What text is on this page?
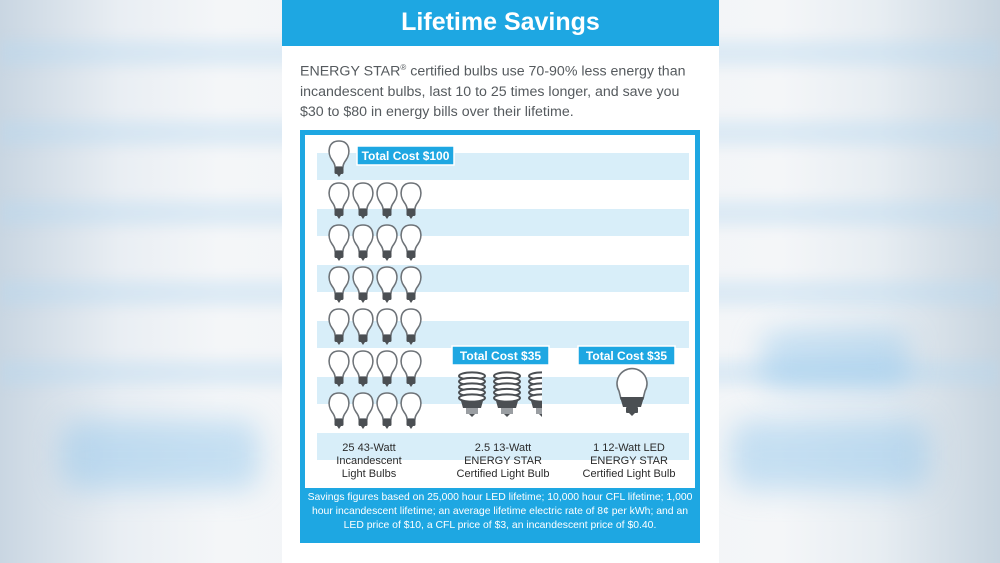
Lifetime Savings
ENERGY STAR® certified bulbs use 70-90% less energy than incandescent bulbs, last 10 to 25 times longer, and save you $30 to $80 in energy bills over their lifetime.
Total Cost $100
25 43-Watt
Incandescent
Light Bulbs
Total Cost $35
2.5 13-Watt
ENERGY STAR
Certified Light Bulb
Total Cost $35
1 12-Watt LED
ENERGY STAR
Certified Light Bulb
Savings figures based on 25,000 hour LED lifetime; 10,000 hour CFL lifetime; 1,000 hour incandescent lifetime; an average lifetime electric rate of 8¢ per kWh; and an LED price of $10, a CFL price of $3, an incandescent price of $0.40.
